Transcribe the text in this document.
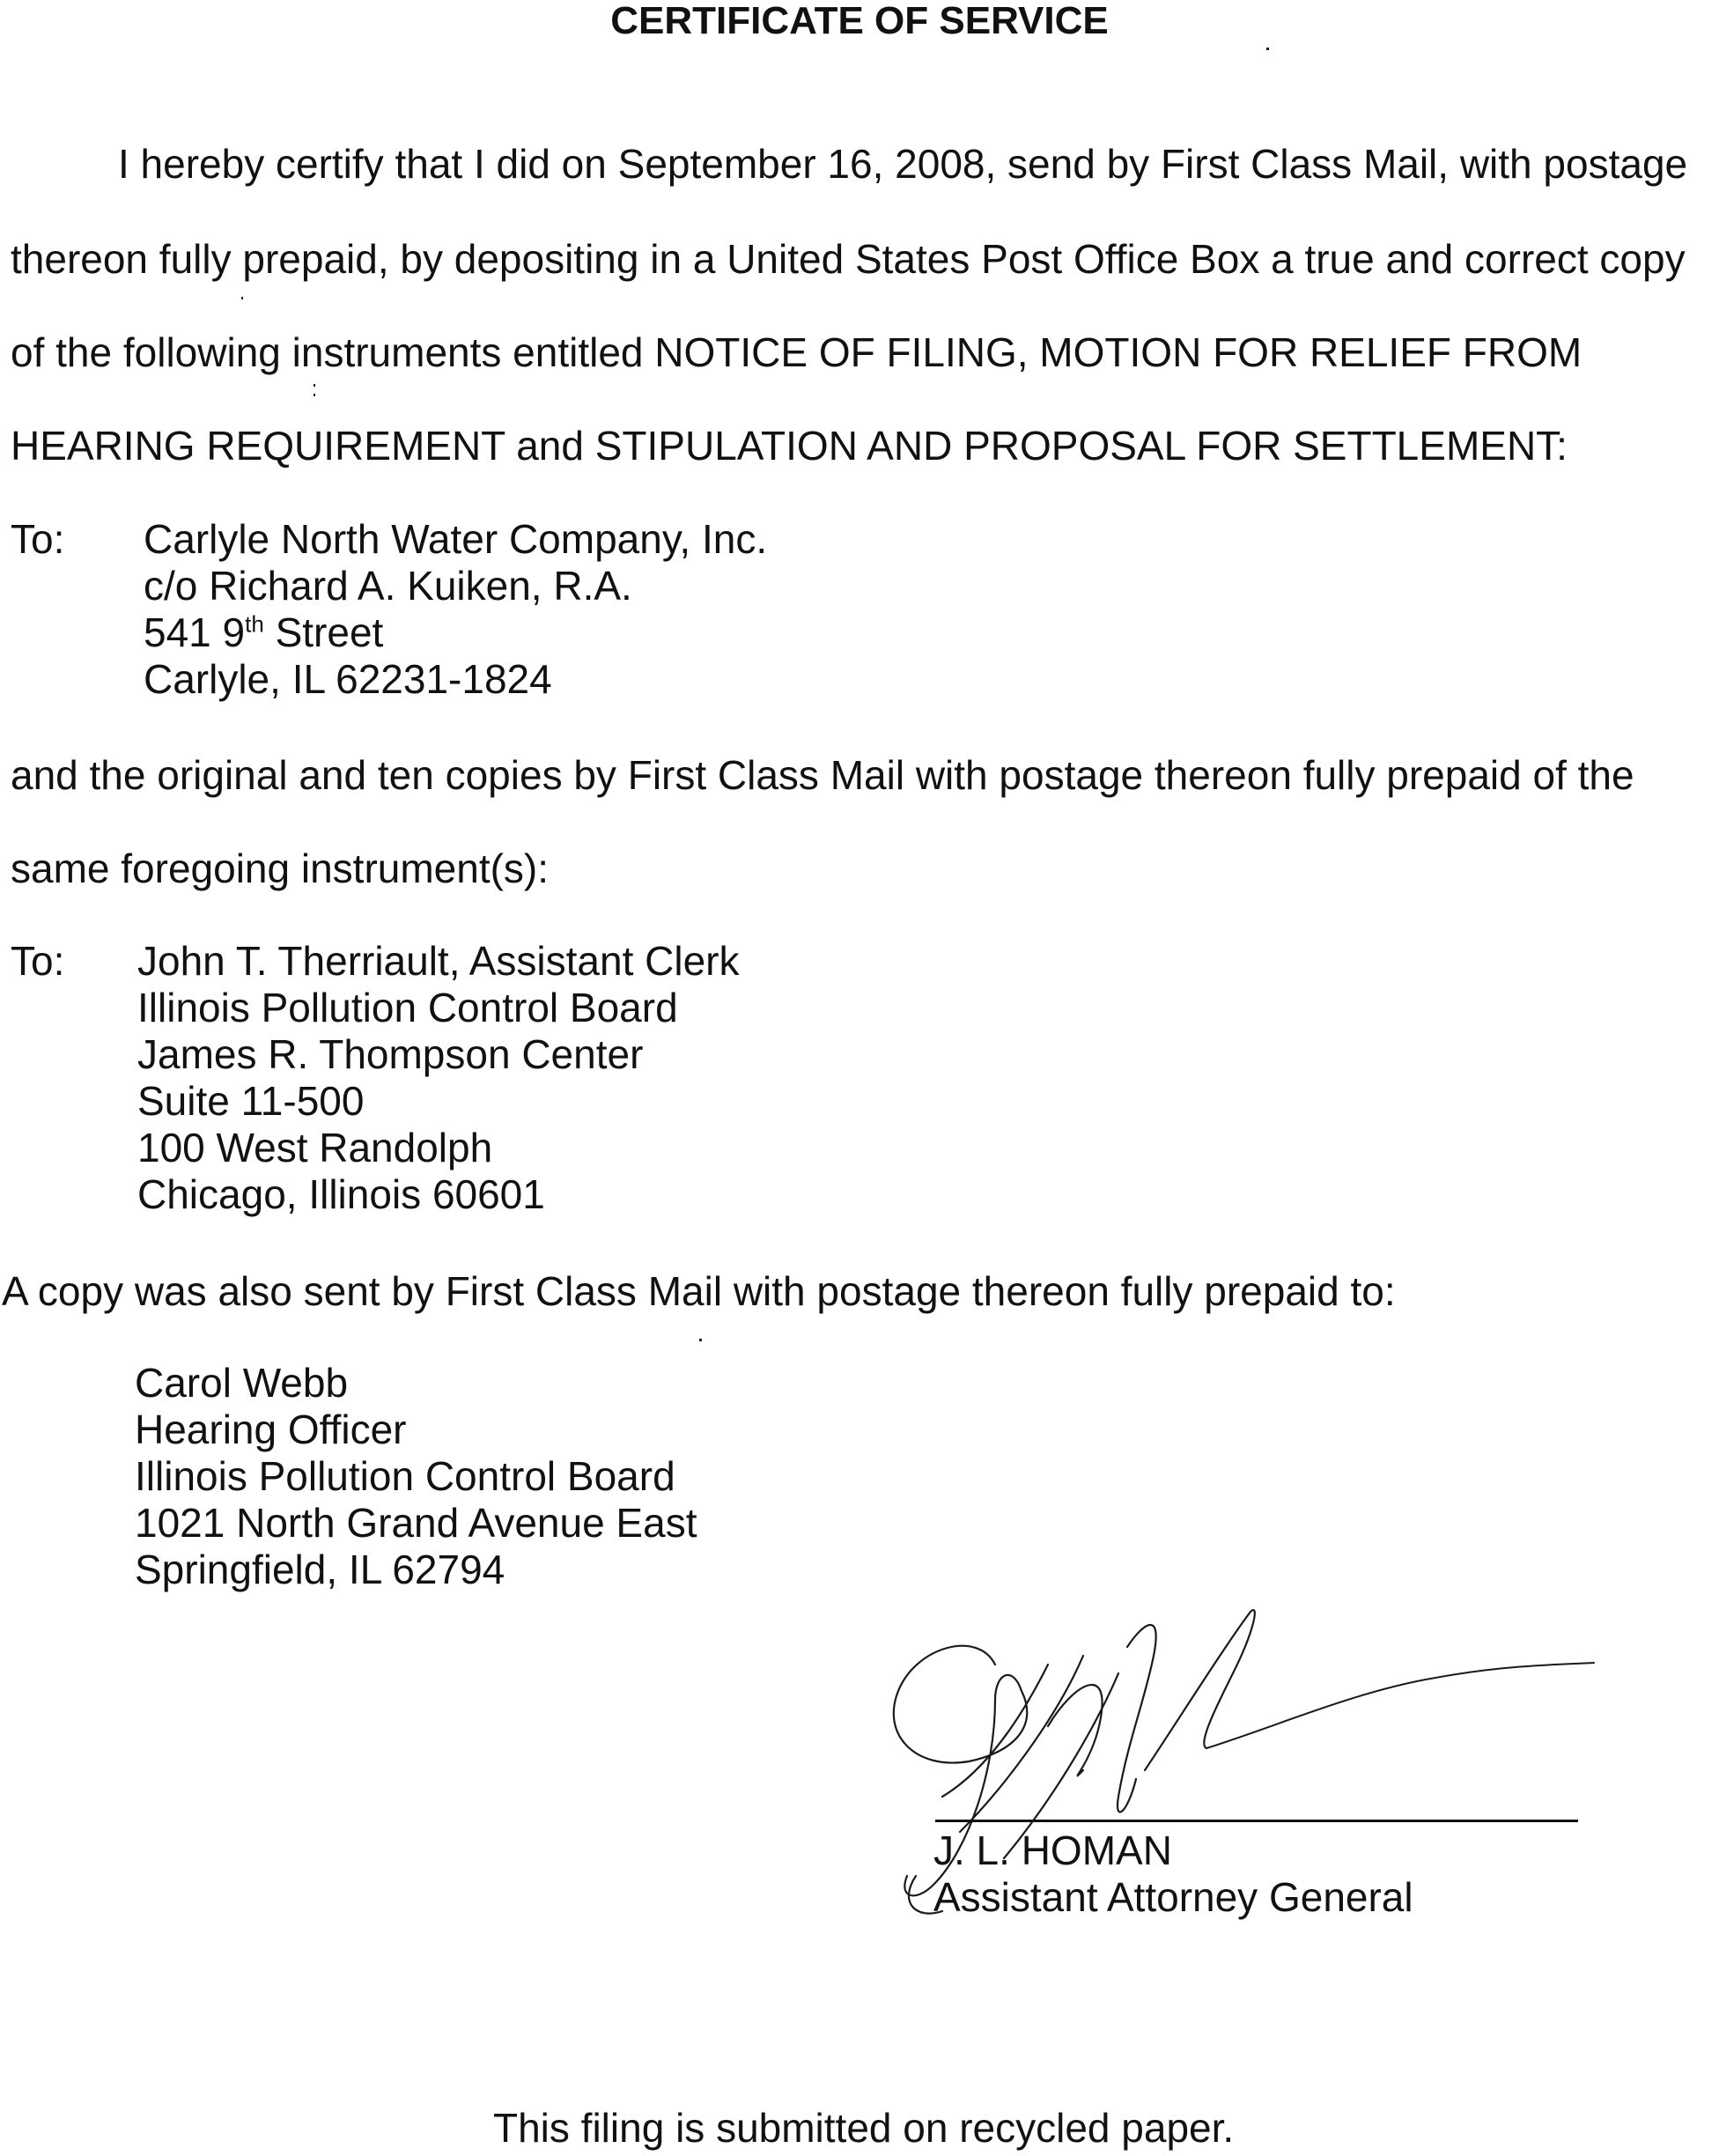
CERTIFICATE OF SERVICE
I hereby certify that I did on September 16, 2008, send by First Class Mail, with postage
thereon fully prepaid, by depositing in a United States Post Office Box a true and correct copy
of the following instruments entitled NOTICE OF FILING, MOTION FOR RELIEF FROM
HEARING REQUIREMENT and STIPULATION AND PROPOSAL FOR SETTLEMENT:
To: Carlyle North Water Company, Inc.
c/o Richard A. Kuiken, R.A.
541 9th Street
Carlyle, IL 62231-1824
and the original and ten copies by First Class Mail with postage thereon fully prepaid of the
same foregoing instrument(s):
To: John T. Therriault, Assistant Clerk
Illinois Pollution Control Board
James R. Thompson Center
Suite 11-500
100 West Randolph
Chicago, Illinois 60601
A copy was also sent by First Class Mail with postage thereon fully prepaid to:
Carol Webb
Hearing Officer
Illinois Pollution Control Board
1021 North Grand Avenue East
Springfield, IL 62794
J. L. HOMAN
Assistant Attorney General
This filing is submitted on recycled paper.
